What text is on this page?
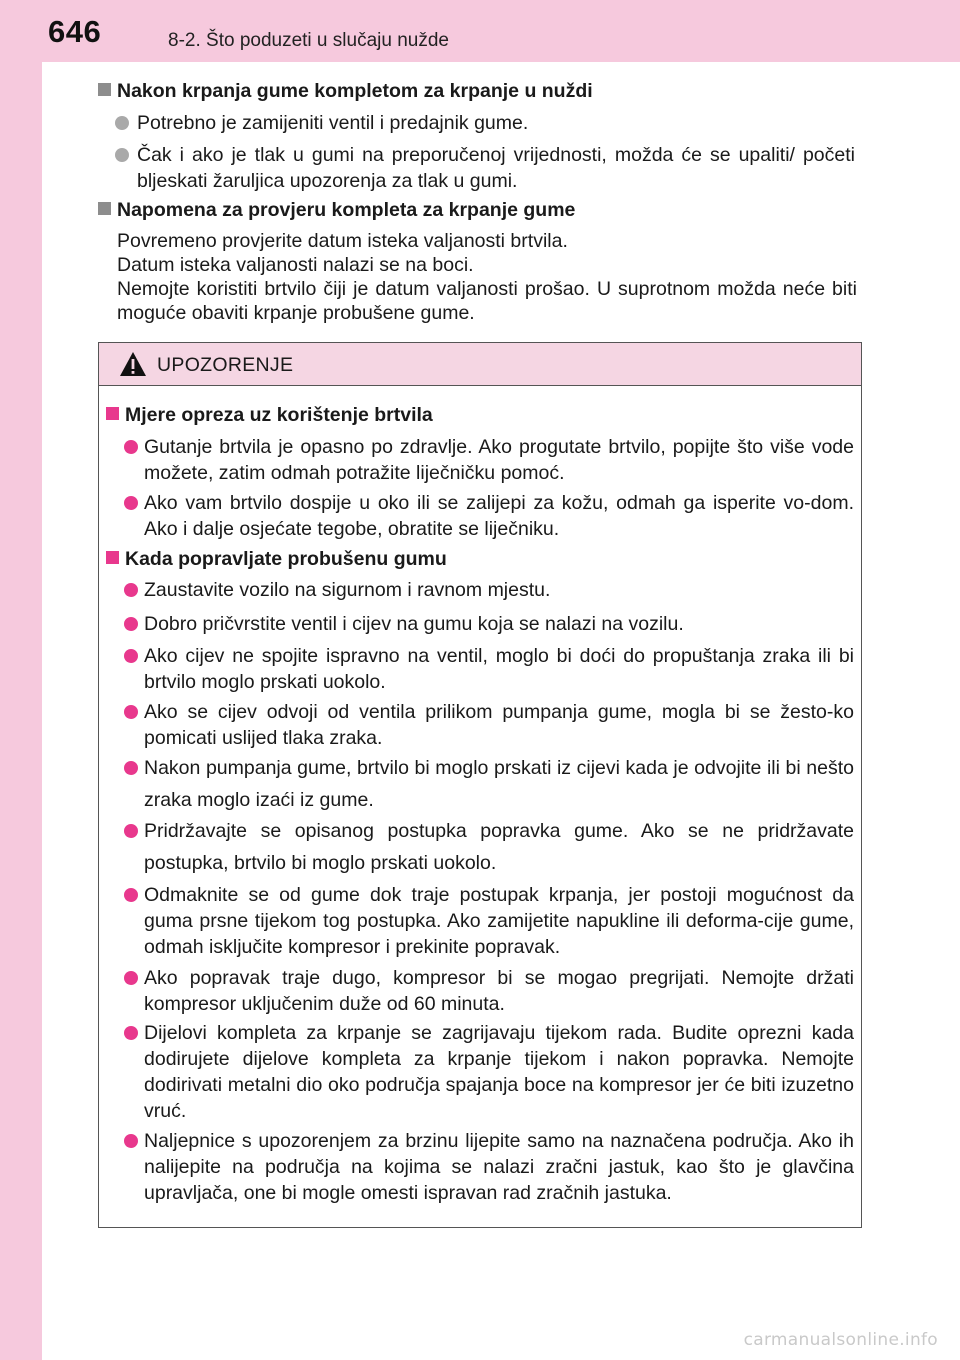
646	8-2. Što poduzeti u slučaju nužde
Nakon krpanja gume kompletom za krpanje u nuždi
Potrebno je zamijeniti ventil i predajnik gume.
Čak i ako je tlak u gumi na preporučenoj vrijednosti, možda će se upaliti/ početi bljeskati žaruljica upozorenja za tlak u gumi.
Napomena za provjeru kompleta za krpanje gume

Povremeno provjerite datum isteka valjanosti brtvila.

Datum isteka valjanosti nalazi se na boci.

Nemojte koristiti brtvilo čiji je datum valjanosti prošao. U suprotnom možda neće biti moguće obaviti krpanje probušene gume.

UPOZORENJE
Mjere opreza uz korištenje brtvila
Gutanje brtvila je opasno po zdravlje. Ako progutate brtvilo, popijte što više vode možete, zatim odmah potražite liječničku pomoć.
Ako vam brtvilo dospije u oko ili se zalijepi za kožu, odmah ga isperite vo-dom. Ako i dalje osjećate tegobe, obratite se liječniku.
Kada popravljate probušenu gumu
Zaustavite vozilo na sigurnom i ravnom mjestu.
Dobro pričvrstite ventil i cijev na gumu koja se nalazi na vozilu.
Ako cijev ne spojite ispravno na ventil, moglo bi doći do propuštanja zraka ili bi brtvilo moglo prskati uokolo.
Ako se cijev odvoji od ventila prilikom pumpanja gume, mogla bi se žesto-ko pomicati uslijed tlaka zraka.
Nakon pumpanja gume, brtvilo bi moglo prskati iz cijevi kada je odvojite ili bi nešto zraka moglo izaći iz gume.
Pridržavajte se opisanog postupka popravka gume. Ako se ne pridržavate postupka, brtvilo bi moglo prskati uokolo.
Odmaknite se od gume dok traje postupak krpanja, jer postoji mogućnost da guma prsne tijekom tog postupka. Ako zamijetite napukline ili deforma-cije gume, odmah isključite kompresor i prekinite popravak.
Ako popravak traje dugo, kompresor bi se mogao pregrijati. Nemojte držati kompresor uključenim duže od 60 minuta.
Dijelovi kompleta za krpanje se zagrijavaju tijekom rada. Budite oprezni kada dodirujete dijelove kompleta za krpanje tijekom i nakon popravka. Nemojte dodirivati metalni dio oko područja spajanja boce na kompresor jer će biti izuzetno vruć.
Naljepnice s upozorenjem za brzinu lijepite samo na naznačena područja. Ako ih nalijepite na područja na kojima se nalazi zračni jastuk, kao što je glavčina upravljača, one bi mogle omesti ispravan rad zračnih jastuka.
carmanualsonline.info
